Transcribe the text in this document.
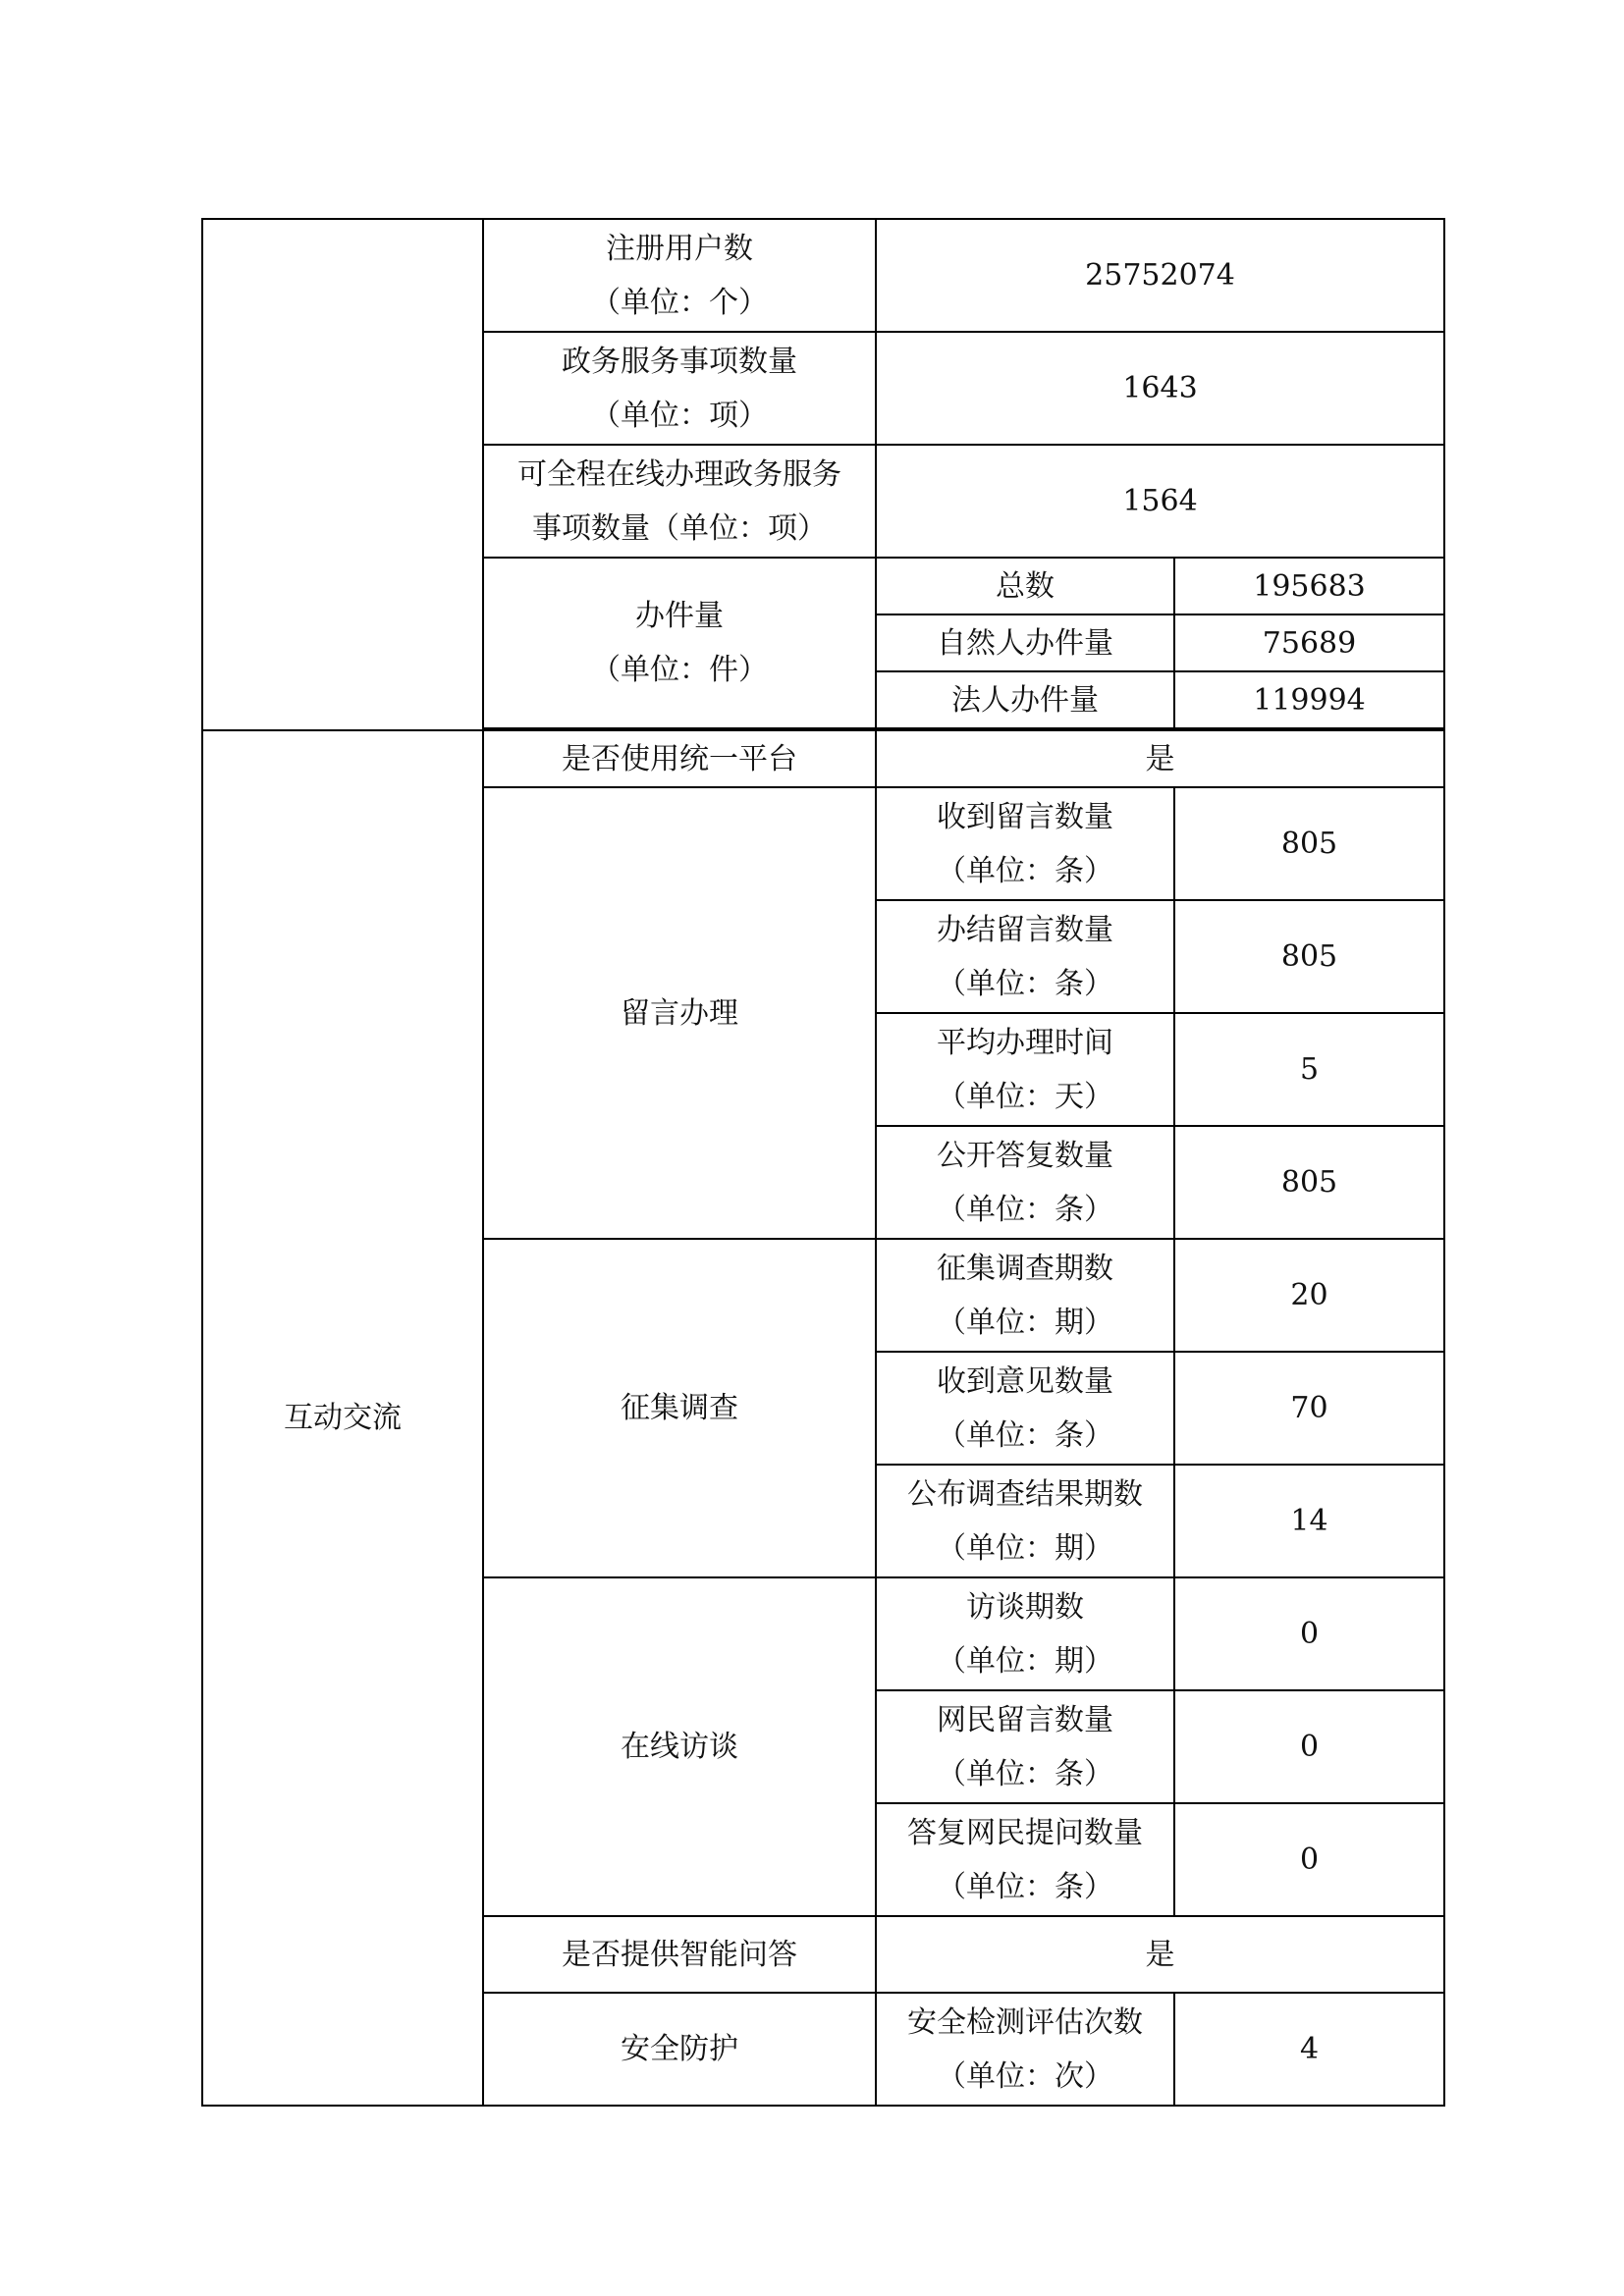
	注册用户数
（单位：个）	25752074	

	政务服务事项数量
（单位：项）	1643	

	可全程在线办理政务服务
事项数量（单位：项）	1564	

	办件量
（单位：件）	总数	195683
		自然人办件量	75689
		法人办件量	119994

互动交流	是否使用统一平台	是	
	留言办理	收到留言数量
（单位：条）	805

		办结留言数量
（单位：条）	805

		平均办理时间
（单位：天）	5

		公开答复数量
（单位：条）	805
	征集调查	征集调查期数
（单位：期）	20

		收到意见数量
（单位：条）	70

		公布调查结果期数
（单位：期）	14
	在线访谈	访谈期数
（单位：期）	0

		网民留言数量
（单位：条）	0

		答复网民提问数量
（单位：条）	0
	是否提供智能问答	是	
	安全防护	安全检测评估次数
（单位：次）	4
